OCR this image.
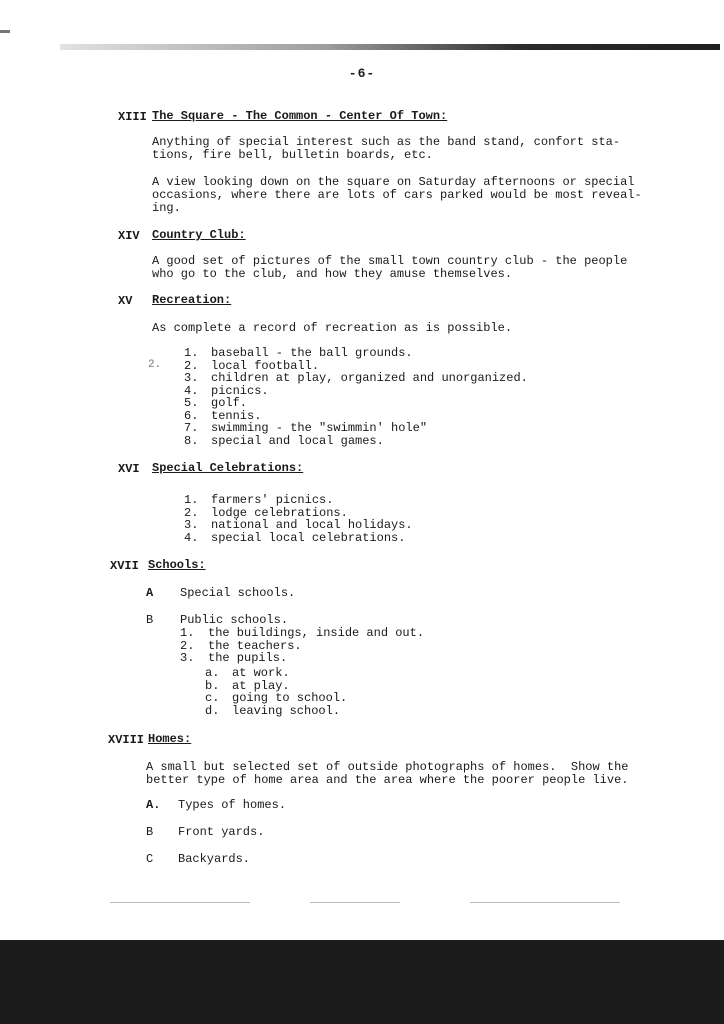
-6-
XIII The Square - The Common - Center Of Town:
Anything of special interest such as the band stand, confort sta-
tions, fire bell, bulletin boards, etc.
A view looking down on the square on Saturday afternoons or special
occasions, where there are lots of cars parked would be most reveal-
ing.
XIV Country Club:
A good set of pictures of the small town country club - the people
who go to the club, and how they amuse themselves.
XV Recreation:
As complete a record of recreation as is possible.
2.
1. baseball - the ball grounds.
2. local football.
3. children at play, organized and unorganized.
4. picnics.
5. golf.
6. tennis.
7. swimming - the "swimmin' hole"
8. special and local games.
XVI Special Celebrations:
1. farmers' picnics.
2. lodge celebrations.
3. national and local holidays.
4. special local celebrations.
XVII Schools:
A Special schools.
B Public schools.
1. the buildings, inside and out.
2. the teachers.
3. the pupils.
a. at work.
b. at play.
c. going to school.
d. leaving school.
XVIII Homes:
A small but selected set of outside photographs of homes.  Show the
better type of home area and the area where the poorer people live.
A. Types of homes.
B Front yards.
C Backyards.
